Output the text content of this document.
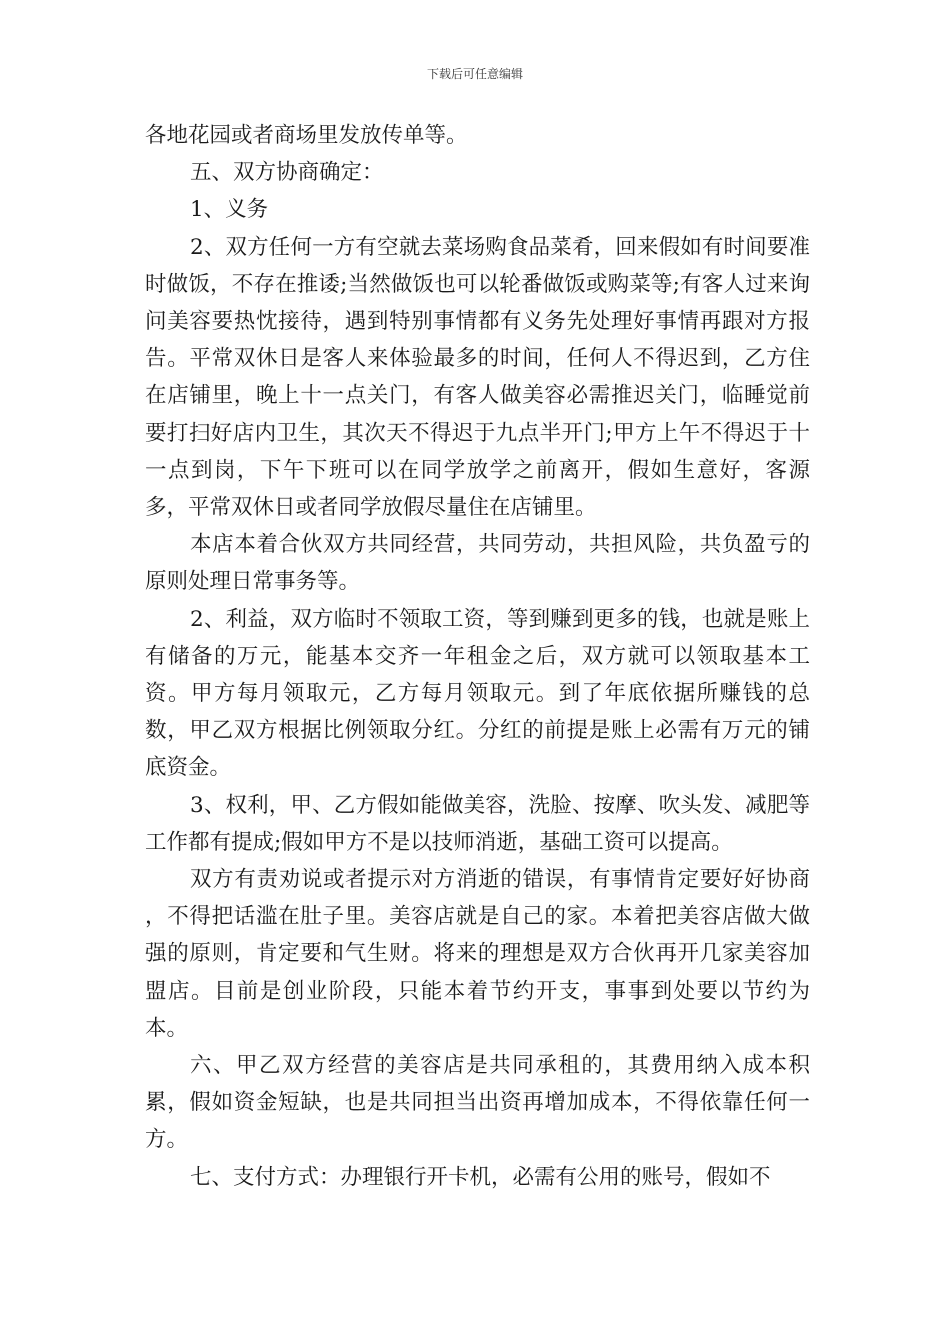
下载后可任意编辑

各地花园或者商场里发放传单等。

五、双方协商确定：

1、义务

2、双方任何一方有空就去菜场购食品菜肴，回来假如有时间要准时做饭，不存在推诿;当然做饭也可以轮番做饭或购菜等;有客人过来询问美容要热忱接待，遇到特别事情都有义务先处理好事情再跟对方报告。平常双休日是客人来体验最多的时间，任何人不得迟到，乙方住在店铺里，晚上十一点关门，有客人做美容必需推迟关门，临睡觉前要打扫好店内卫生，其次天不得迟于九点半开门;甲方上午不得迟于十一点到岗，下午下班可以在同学放学之前离开，假如生意好，客源多，平常双休日或者同学放假尽量住在店铺里。

本店本着合伙双方共同经营，共同劳动，共担风险，共负盈亏的原则处理日常事务等。

2、利益，双方临时不领取工资，等到赚到更多的钱，也就是账上有储备的万元，能基本交齐一年租金之后，双方就可以领取基本工资。甲方每月领取元，乙方每月领取元。到了年底依据所赚钱的总数，甲乙双方根据比例领取分红。分红的前提是账上必需有万元的铺底资金。

3、权利，甲、乙方假如能做美容，洗脸、按摩、吹头发、减肥等工作都有提成;假如甲方不是以技师消逝，基础工资可以提高。

双方有责劝说或者提示对方消逝的错误，有事情肯定要好好协商 ，不得把话滥在肚子里。美容店就是自己的家。本着把美容店做大做强的原则，肯定要和气生财。将来的理想是双方合伙再开几家美容加盟店。目前是创业阶段，只能本着节约开支，事事到处要以节约为本。

六、甲乙双方经营的美容店是共同承租的，其费用纳入成本积累，假如资金短缺，也是共同担当出资再增加成本，不得依靠任何一方。

七、支付方式：办理银行开卡机，必需有公用的账号，假如不
